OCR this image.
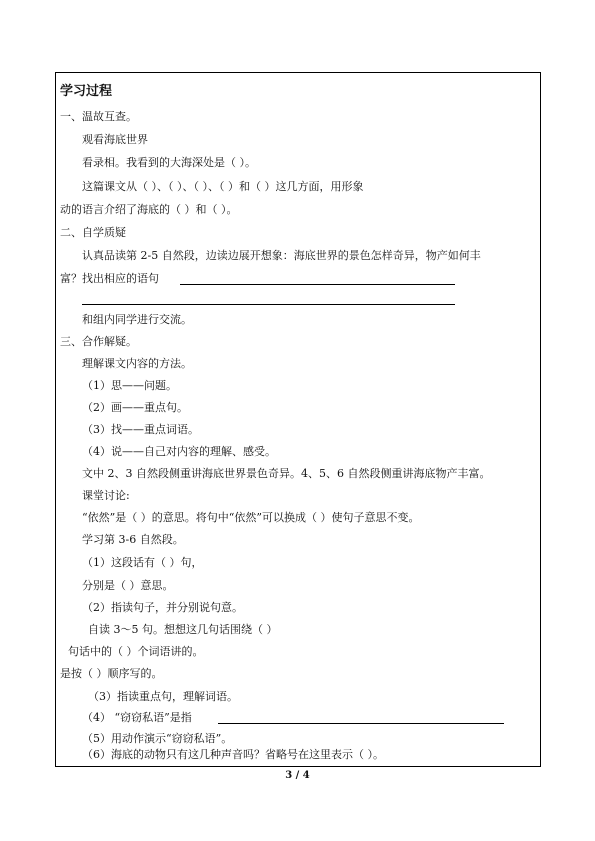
学习过程
一、温故互查。
观看海底世界
看录相。我看到的大海深处是（ ）。
这篇课文从（ ）、（ ）、（ ）、（ ）和（ ）这几方面，用形象
动的语言介绍了海底的（ ）和（ ）。
二、自学质疑
认真品读第 2-5 自然段，边读边展开想象：海底世界的景色怎样奇异，物产如何丰
富？找出相应的语句
和组内同学进行交流。
三、合作解疑。
理解课文内容的方法。
（1）思——问题。
（2）画——重点句。
（3）找——重点词语。
（4）说——自己对内容的理解、感受。
文中 2、3 自然段侧重讲海底世界景色奇异。4、5、6 自然段侧重讲海底物产丰富。
课堂讨论:
“依然”是（ ）的意思。将句中“依然”可以换成（ ）使句子意思不变。
学习第 3-6 自然段。
（1）这段话有（ ）句，
分别是（ ）意思。
（2）指读句子，并分别说句意。
自读 3～5 句。想想这几句话围绕（ ）
句话中的（ ）个词语讲的。
是按（ ）顺序写的。
（3）指读重点句，理解词语。
（4） “窃窃私语”是指
（5）用动作演示“窃窃私语”。
3 / 4
（6）海底的动物只有这几种声音吗？省略号在这里表示（ ）。
